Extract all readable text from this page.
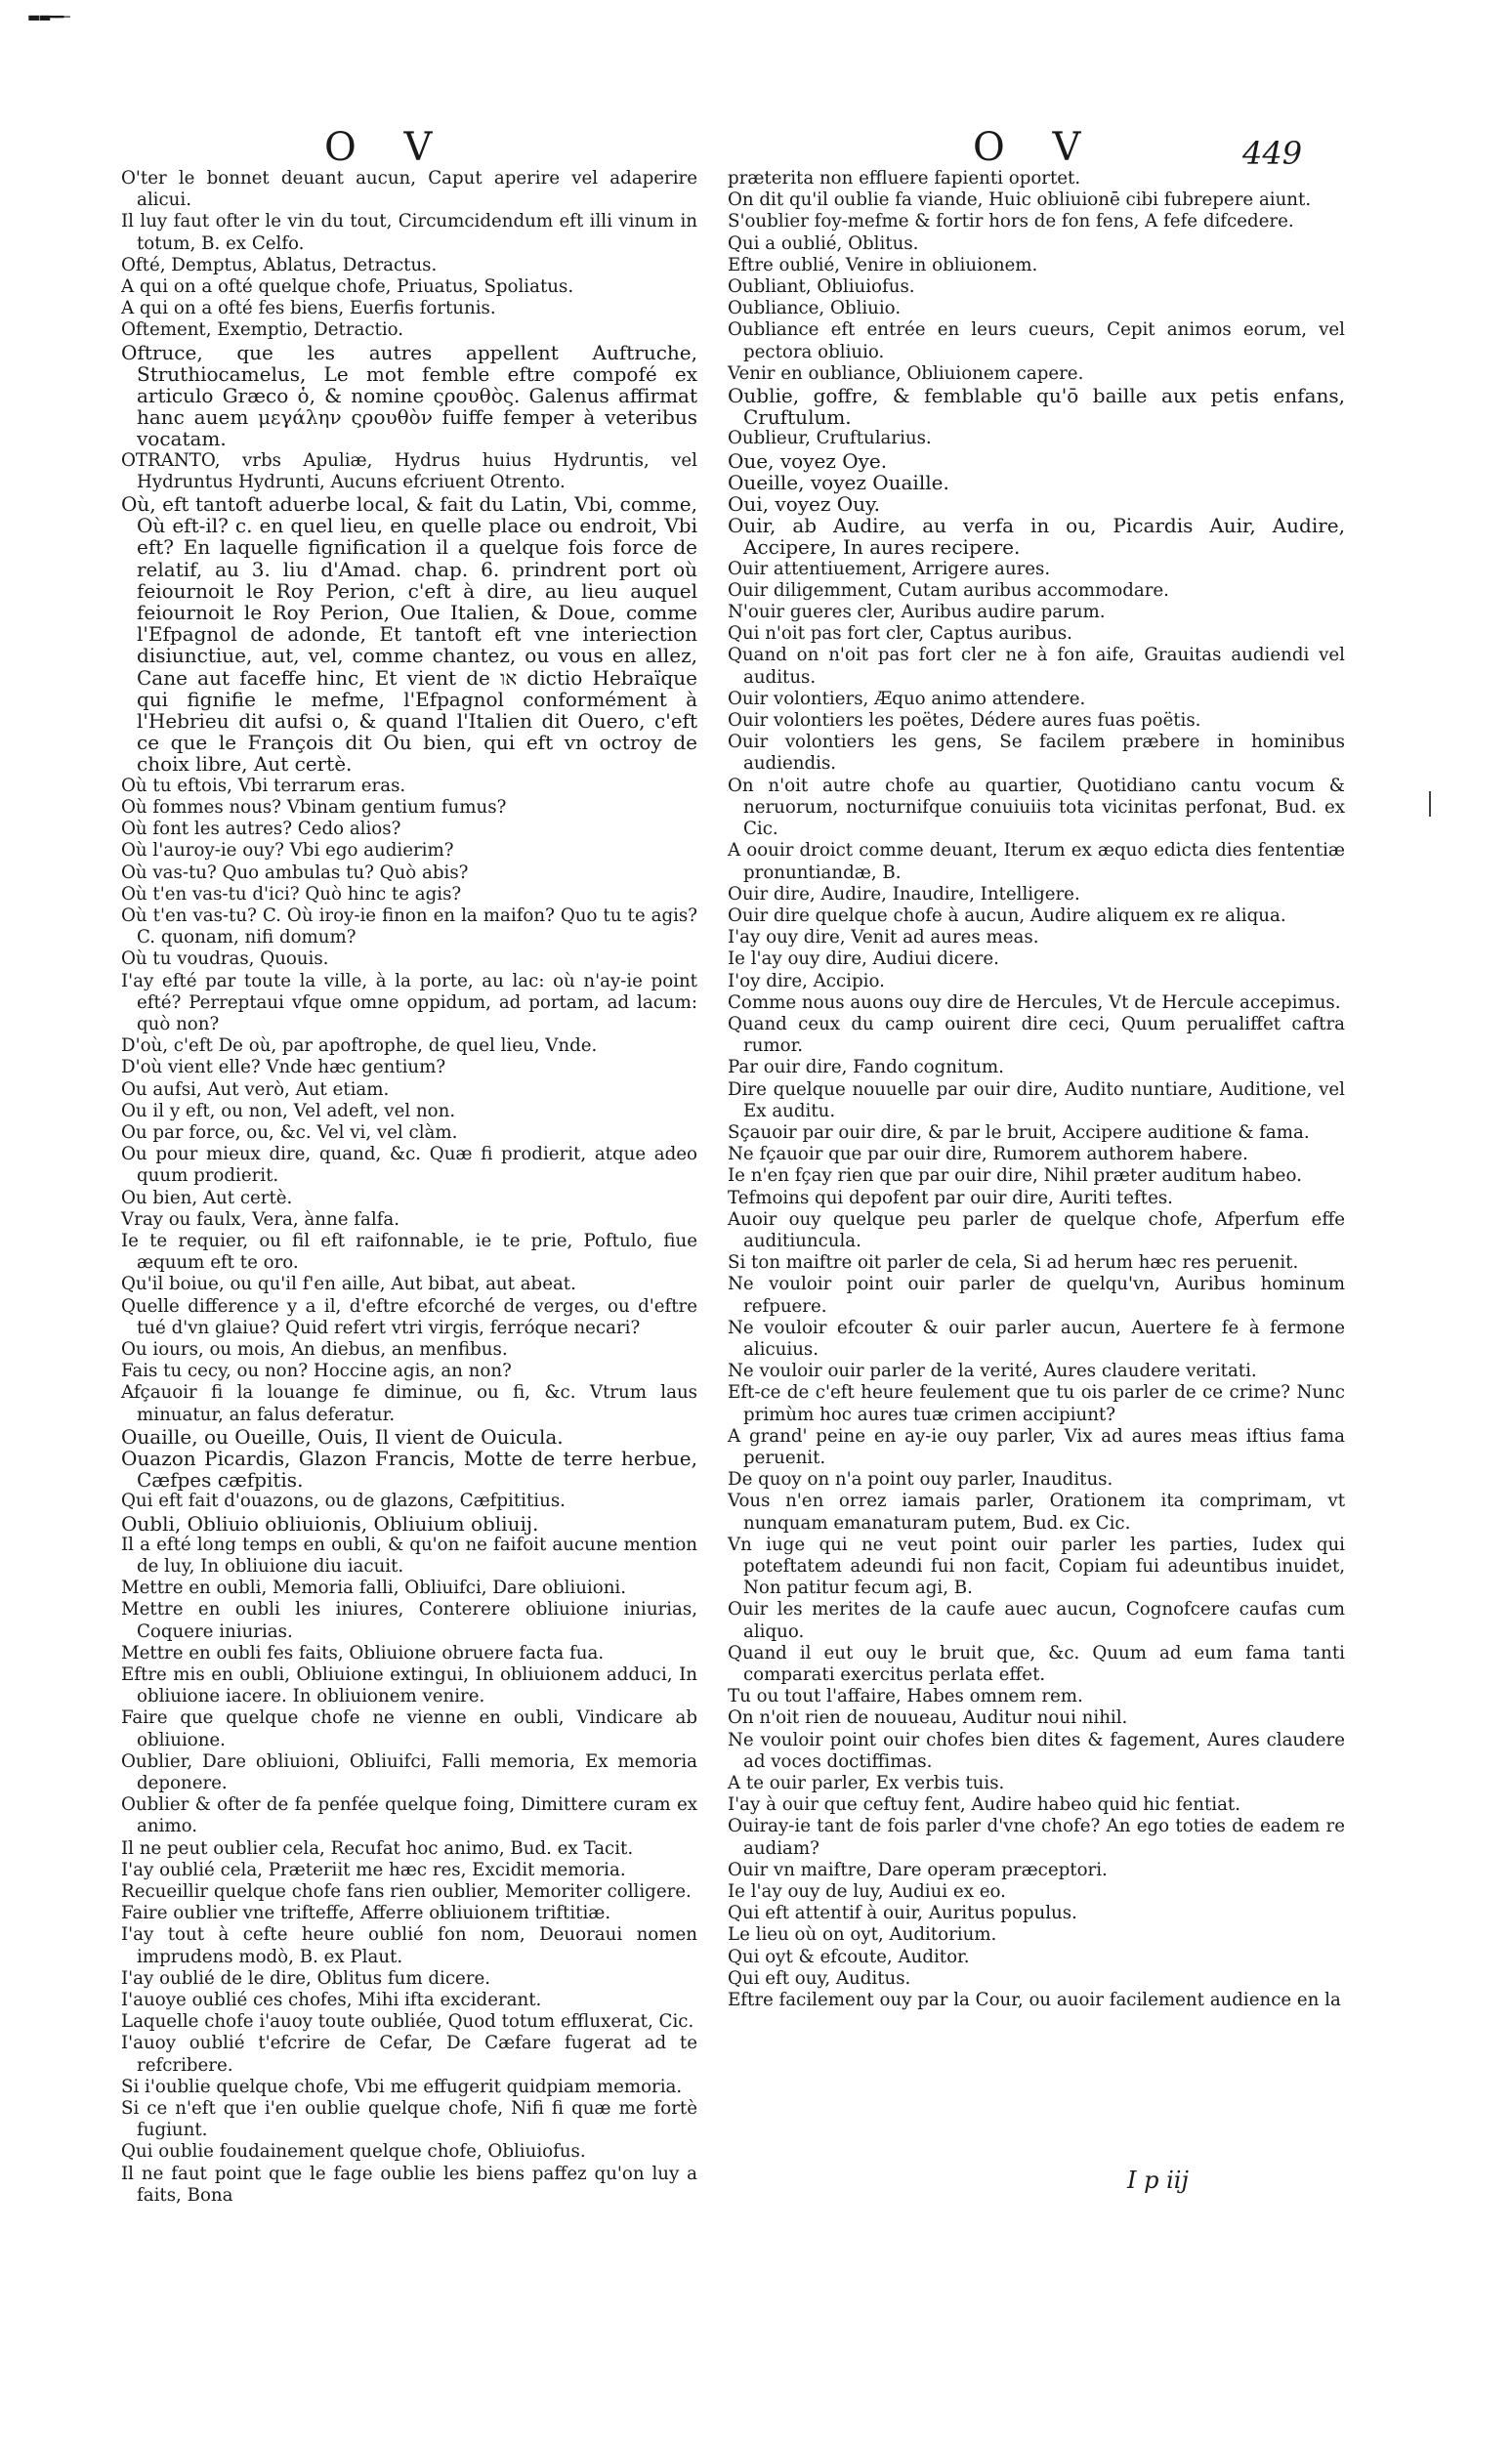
▬▬━━─
O V	O V	449

O'ter le bonnet deuant aucun, Caput aperire vel adaperire alicui.

Il luy faut ofter le vin du tout, Circumcidendum eft illi vinum in totum, B. ex Celfo.

Ofté, Demptus, Ablatus, Detractus.

A qui on a ofté quelque chofe, Priuatus, Spoliatus.

A qui on a ofté fes biens, Euerfis fortunis.

Oftement, Exemptio, Detractio.

Oftruce, que les autres appellent Auftruche, Struthiocamelus, Le mot femble eftre compofé ex articulo Græco ὁ, & nomine ςρουθὸς. Galenus affirmat hanc auem μεγάλην ςρουθὸν fuiffe femper à veteribus vocatam.

OTRANTO, vrbs Apuliæ, Hydrus huius Hydruntis, vel Hydruntus Hydrunti, Aucuns efcriuent Otrento.

Où, eft tantoft aduerbe local, & fait du Latin, Vbi, comme, Où eft-il? c. en quel lieu, en quelle place ou endroit, Vbi eft? En laquelle fignification il a quelque fois force de relatif, au 3. liu d'Amad. chap. 6. prindrent port où feiournoit le Roy Perion, c'eft à dire, au lieu auquel feiournoit le Roy Perion, Oue Italien, & Doue, comme l'Efpagnol de adonde, Et tantoft eft vne interiection disiunctiue, aut, vel, comme chantez, ou vous en allez, Cane aut faceffe hinc, Et vient de או dictio Hebraïque qui fignifie le mefme, l'Efpagnol conformément à l'Hebrieu dit aufsi o, & quand l'Italien dit Ouero, c'eft ce que le François dit Ou bien, qui eft vn octroy de choix libre, Aut certè.

Où tu eftois, Vbi terrarum eras.

Où fommes nous? Vbinam gentium fumus?

Où font les autres? Cedo alios?

Où l'auroy-ie ouy? Vbi ego audierim?

Où vas-tu? Quo ambulas tu? Quò abis?

Où t'en vas-tu d'ici? Quò hinc te agis?

Où t'en vas-tu? C. Où iroy-ie finon en la maifon? Quo tu te agis? C. quonam, nifi domum?

Où tu voudras, Quouis.

I'ay efté par toute la ville, à la porte, au lac: où n'ay-ie point efté? Perreptaui vfque omne oppidum, ad portam, ad lacum: quò non?

D'où, c'eft De où, par apoftrophe, de quel lieu, Vnde.

D'où vient elle? Vnde hæc gentium?

Ou aufsi, Aut verò, Aut etiam.

Ou il y eft, ou non, Vel adeft, vel non.

Ou par force, ou, &c. Vel vi, vel clàm.

Ou pour mieux dire, quand, &c. Quæ fi prodierit, atque adeo quum prodierit.

Ou bien, Aut certè.

Vray ou faulx, Vera, ànne falfa.

Ie te requier, ou fil eft raifonnable, ie te prie, Poftulo, fiue æquum eft te oro.

Qu'il boiue, ou qu'il f'en aille, Aut bibat, aut abeat.

Quelle difference y a il, d'eftre efcorché de verges, ou d'eftre tué d'vn glaiue? Quid refert vtri virgis, ferróque necari?

Ou iours, ou mois, An diebus, an menfibus.

Fais tu cecy, ou non? Hoccine agis, an non?

Afçauoir fi la louange fe diminue, ou fi, &c. Vtrum laus minuatur, an falus deferatur.

Ouaille, ou Oueille, Ouis, Il vient de Ouicula.

Ouazon Picardis, Glazon Francis, Motte de terre herbue, Cæfpes cæfpitis.

Qui eft fait d'ouazons, ou de glazons, Cæfpititius.

Oubli, Obliuio obliuionis, Obliuium obliuij.

Il a efté long temps en oubli, & qu'on ne faifoit aucune mention de luy, In obliuione diu iacuit.

Mettre en oubli, Memoria falli, Obliuifci, Dare obliuioni.

Mettre en oubli les iniures, Conterere obliuione iniurias, Coquere iniurias.

Mettre en oubli fes faits, Obliuione obruere facta fua.

Eftre mis en oubli, Obliuione extingui, In obliuionem adduci, In obliuione iacere. In obliuionem venire.

Faire que quelque chofe ne vienne en oubli, Vindicare ab obliuione.

Oublier, Dare obliuioni, Obliuifci, Falli memoria, Ex memoria deponere.

Oublier & ofter de fa penfée quelque foing, Dimittere curam ex animo.

Il ne peut oublier cela, Recufat hoc animo, Bud. ex Tacit.

I'ay oublié cela, Præteriit me hæc res, Excidit memoria.

Recueillir quelque chofe fans rien oublier, Memoriter colligere.

Faire oublier vne trifteffe, Afferre obliuionem triftitiæ.

I'ay tout à cefte heure oublié fon nom, Deuoraui nomen imprudens modò, B. ex Plaut.

I'ay oublié de le dire, Oblitus fum dicere.

I'auoye oublié ces chofes, Mihi ifta exciderant.

Laquelle chofe i'auoy toute oubliée, Quod totum effluxerat, Cic.

I'auoy oublié t'efcrire de Cefar, De Cæfare fugerat ad te refcribere.

Si i'oublie quelque chofe, Vbi me effugerit quidpiam memoria.

Si ce n'eft que i'en oublie quelque chofe, Nifi fi quæ me fortè fugiunt.

Qui oublie foudainement quelque chofe, Obliuiofus.

Il ne faut point que le fage oublie les biens paffez qu'on luy a faits, Bona

præterita non effluere fapienti oportet.

On dit qu'il oublie fa viande, Huic obliuionē cibi fubrepere aiunt.

S'oublier foy-mefme & fortir hors de fon fens, A fefe difcedere.

Qui a oublié, Oblitus.

Eftre oublié, Venire in obliuionem.

Oubliant, Obliuiofus.

Oubliance, Obliuio.

Oubliance eft entrée en leurs cueurs, Cepit animos eorum, vel pectora obliuio.

Venir en oubliance, Obliuionem capere.

Oublie, goffre, & femblable qu'ō baille aux petis enfans, Cruftulum.

Oublieur, Cruftularius.

Oue, voyez Oye.

Oueille, voyez Ouaille.

Oui, voyez Ouy.

Ouir, ab Audire, au verfa in ou, Picardis Auir, Audire, Accipere, In aures recipere.

Ouir attentiuement, Arrigere aures.

Ouir diligemment, Cutam auribus accommodare.

N'ouir gueres cler, Auribus audire parum.

Qui n'oit pas fort cler, Captus auribus.

Quand on n'oit pas fort cler ne à fon aife, Grauitas audiendi vel auditus.

Ouir volontiers, Æquo animo attendere.

Ouir volontiers les poëtes, Dédere aures fuas poëtis.

Ouir volontiers les gens, Se facilem præbere in hominibus audiendis.

On n'oit autre chofe au quartier, Quotidiano cantu vocum & neruorum, nocturnifque conuiuiis tota vicinitas perfonat, Bud. ex Cic.

A oouir droict comme deuant, Iterum ex æquo edicta dies fententiæ pronuntiandæ, B.

Ouir dire, Audire, Inaudire, Intelligere.

Ouir dire quelque chofe à aucun, Audire aliquem ex re aliqua.

I'ay ouy dire, Venit ad aures meas.

Ie l'ay ouy dire, Audiui dicere.

I'oy dire, Accipio.

Comme nous auons ouy dire de Hercules, Vt de Hercule accepimus.

Quand ceux du camp ouirent dire ceci, Quum perualiffet caftra rumor.

Par ouir dire, Fando cognitum.

Dire quelque nouuelle par ouir dire, Audito nuntiare, Auditione, vel Ex auditu.

Sçauoir par ouir dire, & par le bruit, Accipere auditione & fama.

Ne fçauoir que par ouir dire, Rumorem authorem habere.

Ie n'en fçay rien que par ouir dire, Nihil præter auditum habeo.

Tefmoins qui depofent par ouir dire, Auriti teftes.

Auoir ouy quelque peu parler de quelque chofe, Afperfum effe auditiuncula.

Si ton maiftre oit parler de cela, Si ad herum hæc res peruenit.

Ne vouloir point ouir parler de quelqu'vn, Auribus hominum refpuere.

Ne vouloir efcouter & ouir parler aucun, Auertere fe à fermone alicuius.

Ne vouloir ouir parler de la verité, Aures claudere veritati.

Eft-ce de c'eft heure feulement que tu ois parler de ce crime? Nunc primùm hoc aures tuæ crimen accipiunt?

A grand' peine en ay-ie ouy parler, Vix ad aures meas iftius fama peruenit.

De quoy on n'a point ouy parler, Inauditus.

Vous n'en orrez iamais parler, Orationem ita comprimam, vt nunquam emanaturam putem, Bud. ex Cic.

Vn iuge qui ne veut point ouir parler les parties, Iudex qui poteftatem adeundi fui non facit, Copiam fui adeuntibus inuidet, Non patitur fecum agi, B.

Ouir les merites de la caufe auec aucun, Cognofcere caufas cum aliquo.

Quand il eut ouy le bruit que, &c. Quum ad eum fama tanti comparati exercitus perlata effet.

Tu ou tout l'affaire, Habes omnem rem.

On n'oit rien de nouueau, Auditur noui nihil.

Ne vouloir point ouir chofes bien dites & fagement, Aures claudere ad voces doctiffimas.

A te ouir parler, Ex verbis tuis.

I'ay à ouir que ceftuy fent, Audire habeo quid hic fentiat.

Ouiray-ie tant de fois parler d'vne chofe? An ego toties de eadem re audiam?

Ouir vn maiftre, Dare operam præceptori.

Ie l'ay ouy de luy, Audiui ex eo.

Qui eft attentif à ouir, Auritus populus.

Le lieu où on oyt, Auditorium.

Qui oyt & efcoute, Auditor.

Qui eft ouy, Auditus.

Eftre facilement ouy par la Cour, ou auoir facilement audience en la

I p iij
